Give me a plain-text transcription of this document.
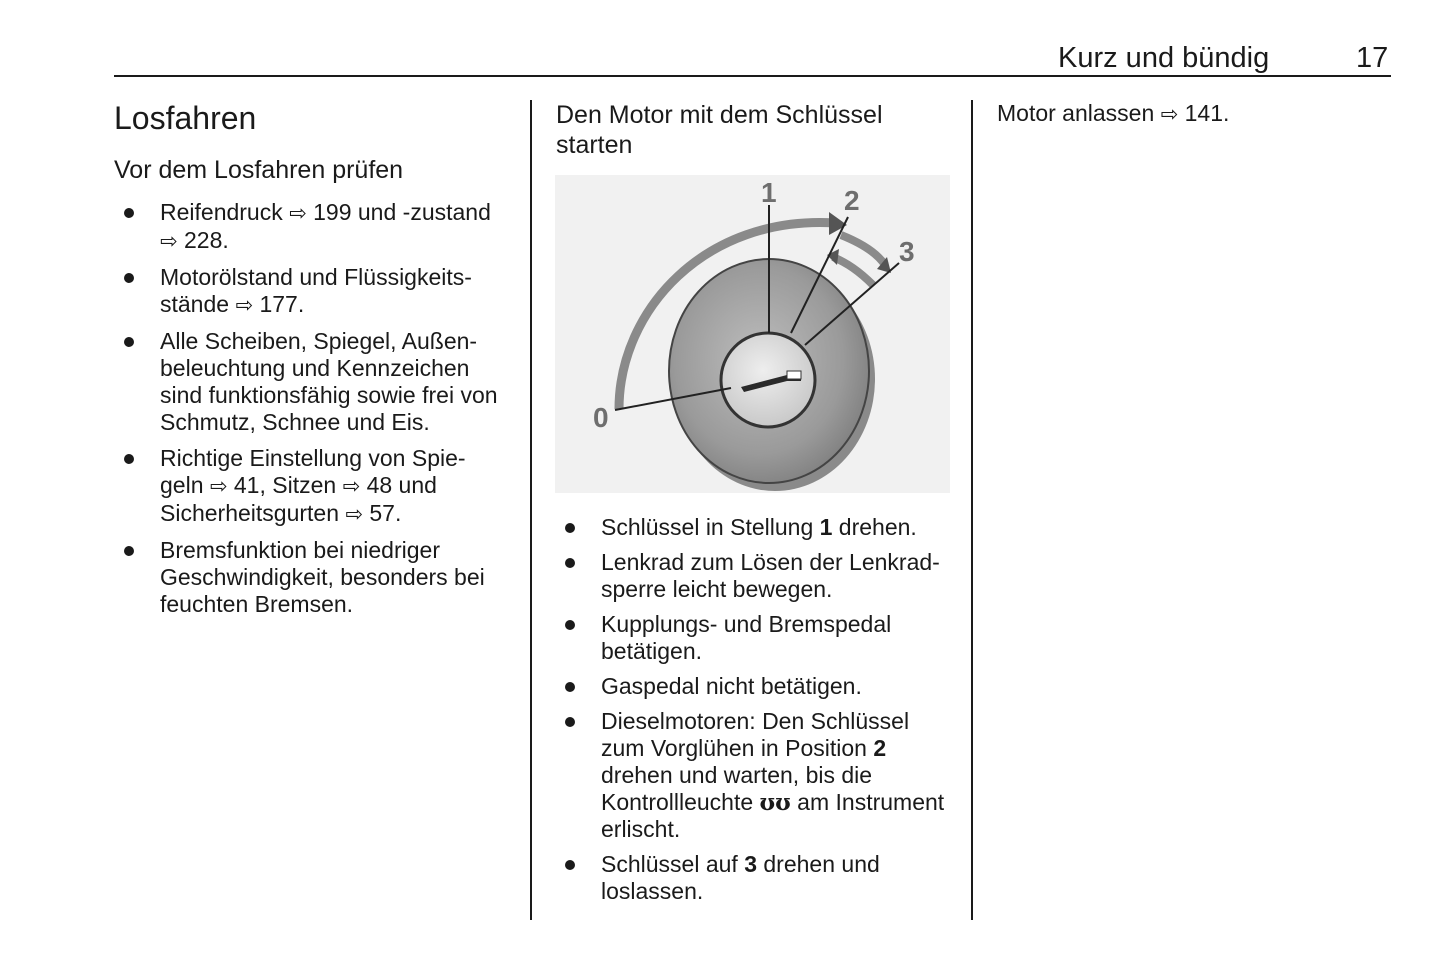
Kurz und bündig	17
Losfahren
Vor dem Losfahren prüfen
Reifendruck ⇨ 199 und -zustand
⇨ 228.
Motorölstand und Flüssigkeits-
stände ⇨ 177.
Alle Scheiben, Spiegel, Außen-
beleuchtung und Kennzeichen
sind funktionsfähig sowie frei von
Schmutz, Schnee und Eis.
Richtige Einstellung von Spie-
geln ⇨ 41, Sitzen ⇨ 48 und
Sicherheitsgurten ⇨ 57.
Bremsfunktion bei niedriger
Geschwindigkeit, besonders bei
feuchten Bremsen.
Den Motor mit dem Schlüssel
starten
0
1 2
3
Schlüssel in Stellung 1 drehen.
Lenkrad zum Lösen der Lenkrad-
sperre leicht bewegen.
Kupplungs- und Bremspedal
betätigen.
Gaspedal nicht betätigen.
Dieselmotoren: Den Schlüssel
zum Vorglühen in Position 2
drehen und warten, bis die
Kontrollleuchte ʊʊ am Instrument
erlischt.
Schlüssel auf 3 drehen und
loslassen.
Motor anlassen ⇨ 141.
